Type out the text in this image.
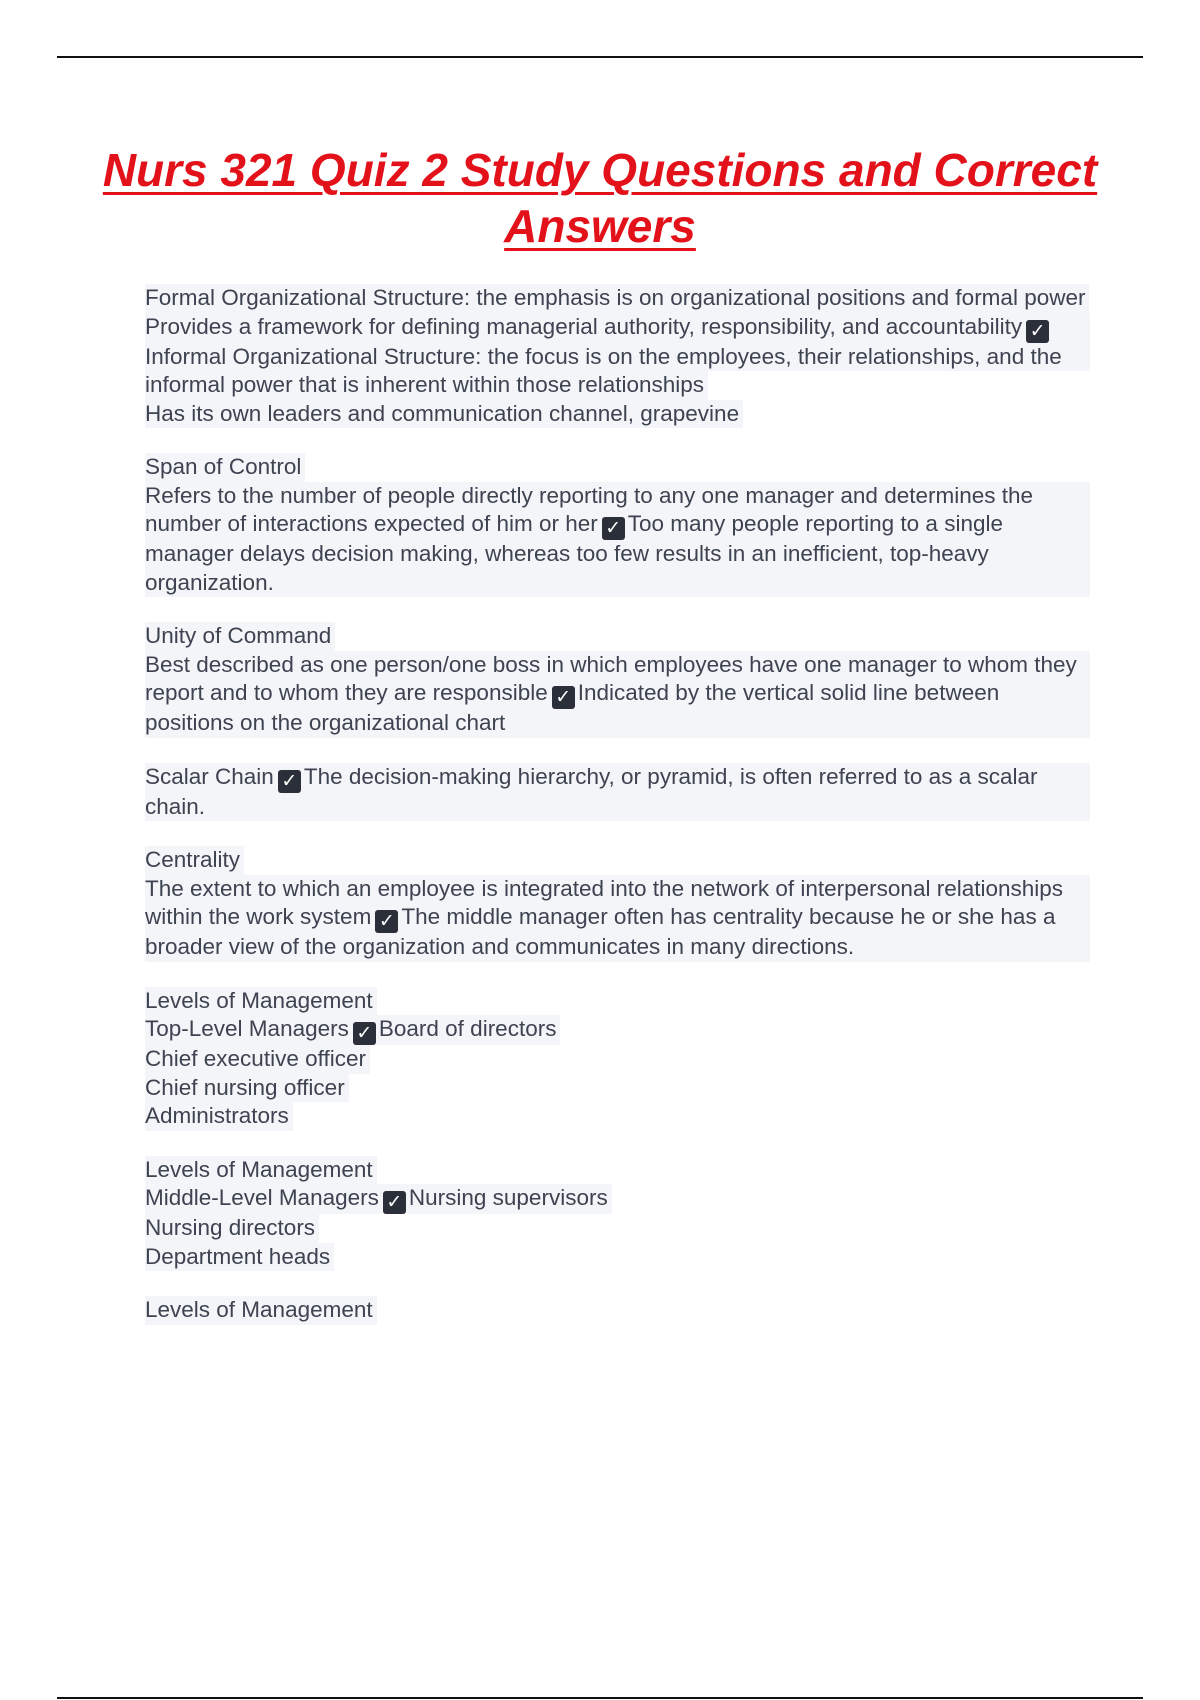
Nurs 321 Quiz 2 Study Questions and Correct Answers
Formal Organizational Structure: the emphasis is on organizational positions and formal power
Provides a framework for defining managerial authority, responsibility, and accountability ✓Informal Organizational Structure: the focus is on the employees, their relationships, and the
informal power that is inherent within those relationships
Has its own leaders and communication channel, grapevine
Span of Control
Refers to the number of people directly reporting to any one manager and determines the number of interactions expected of him or her ✓ Too many people reporting to a single manager delays decision making, whereas too few results in an inefficient, top-heavy organization.
Unity of Command
Best described as one person/one boss in which employees have one manager to whom they report and to whom they are responsible ✓ Indicated by the vertical solid line between positions on the organizational chart
Scalar Chain ✓ The decision-making hierarchy, or pyramid, is often referred to as a scalar chain.
Centrality
The extent to which an employee is integrated into the network of interpersonal relationships within the work system ✓ The middle manager often has centrality because he or she has a broader view of the organization and communicates in many directions.
Levels of Management
Top-Level Managers ✓ Board of directors
Chief executive officer
Chief nursing officer
Administrators
Levels of Management
Middle-Level Managers ✓ Nursing supervisors
Nursing directors
Department heads
Levels of Management
